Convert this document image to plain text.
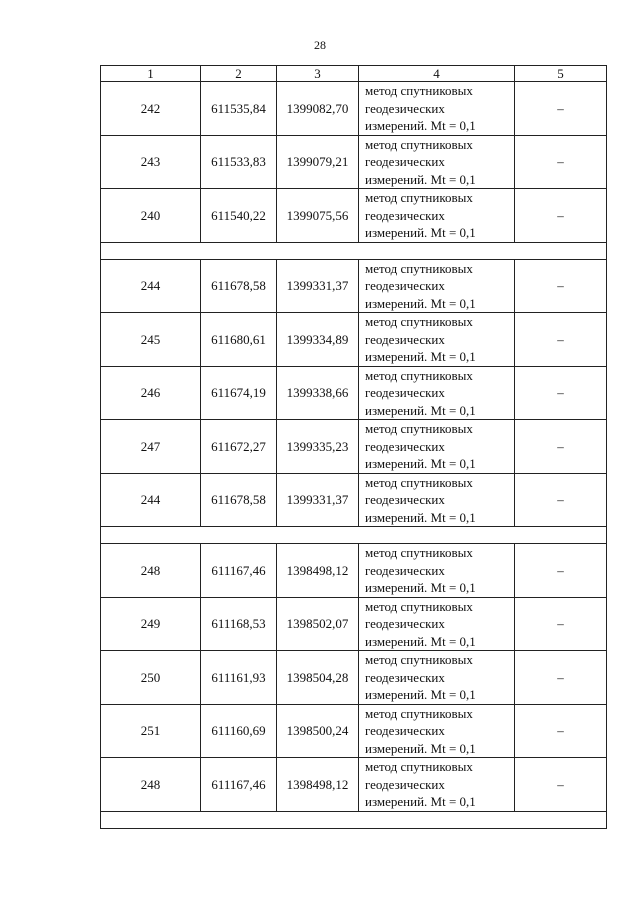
28
1	2	3	4	5
242	611535,84	1399082,70	метод спутниковых
геодезических
измерений. Mt = 0,1	–
243	611533,83	1399079,21	метод спутниковых
геодезических
измерений. Mt = 0,1	–
240	611540,22	1399075,56	метод спутниковых
геодезических
измерений. Mt = 0,1	–

244	611678,58	1399331,37	метод спутниковых
геодезических
измерений. Mt = 0,1	–
245	611680,61	1399334,89	метод спутниковых
геодезических
измерений. Mt = 0,1	–
246	611674,19	1399338,66	метод спутниковых
геодезических
измерений. Mt = 0,1	–
247	611672,27	1399335,23	метод спутниковых
геодезических
измерений. Mt = 0,1	–
244	611678,58	1399331,37	метод спутниковых
геодезических
измерений. Mt = 0,1	–

248	611167,46	1398498,12	метод спутниковых
геодезических
измерений. Mt = 0,1	–
249	611168,53	1398502,07	метод спутниковых
геодезических
измерений. Mt = 0,1	–
250	611161,93	1398504,28	метод спутниковых
геодезических
измерений. Mt = 0,1	–
251	611160,69	1398500,24	метод спутниковых
геодезических
измерений. Mt = 0,1	–
248	611167,46	1398498,12	метод спутниковых
геодезических
измерений. Mt = 0,1	–
